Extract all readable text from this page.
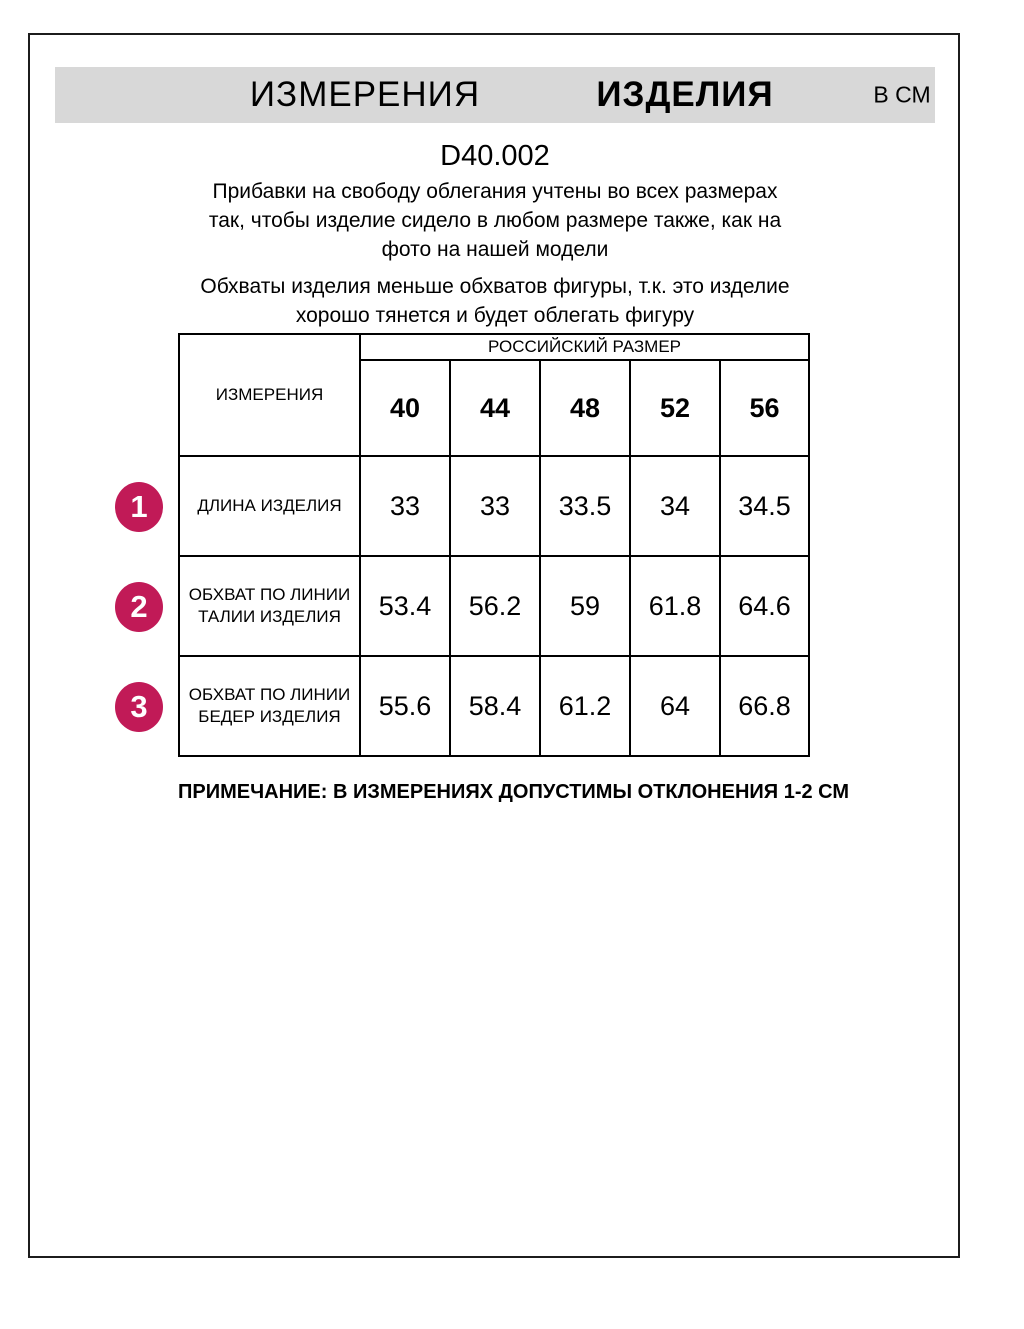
ИЗМЕРЕНИЯ	ИЗДЕЛИЯ	В СМ
D40.002

Прибавки на свободу облегания учтены во всех размерах так, чтобы изделие сидело в любом размере также, как на фото на нашей модели

Обхваты изделия меньше обхватов фигуры, т.к. это изделие хорошо тянется и будет облегать фигуру

ИЗМЕРЕНИЯ	РОССИЙСКИЙ РАЗМЕР				
	40	44	48	52	56
ДЛИНА ИЗДЕЛИЯ	33	33	33.5	34	34.5
ОБХВАТ ПО ЛИНИИ ТАЛИИ ИЗДЕЛИЯ	53.4	56.2	59	61.8	64.6
ОБХВАТ ПО ЛИНИИ БЕДЕР ИЗДЕЛИЯ	55.6	58.4	61.2	64	66.8
1
2
3
ПРИМЕЧАНИЕ: В ИЗМЕРЕНИЯХ ДОПУСТИМЫ ОТКЛОНЕНИЯ 1-2 СМ
